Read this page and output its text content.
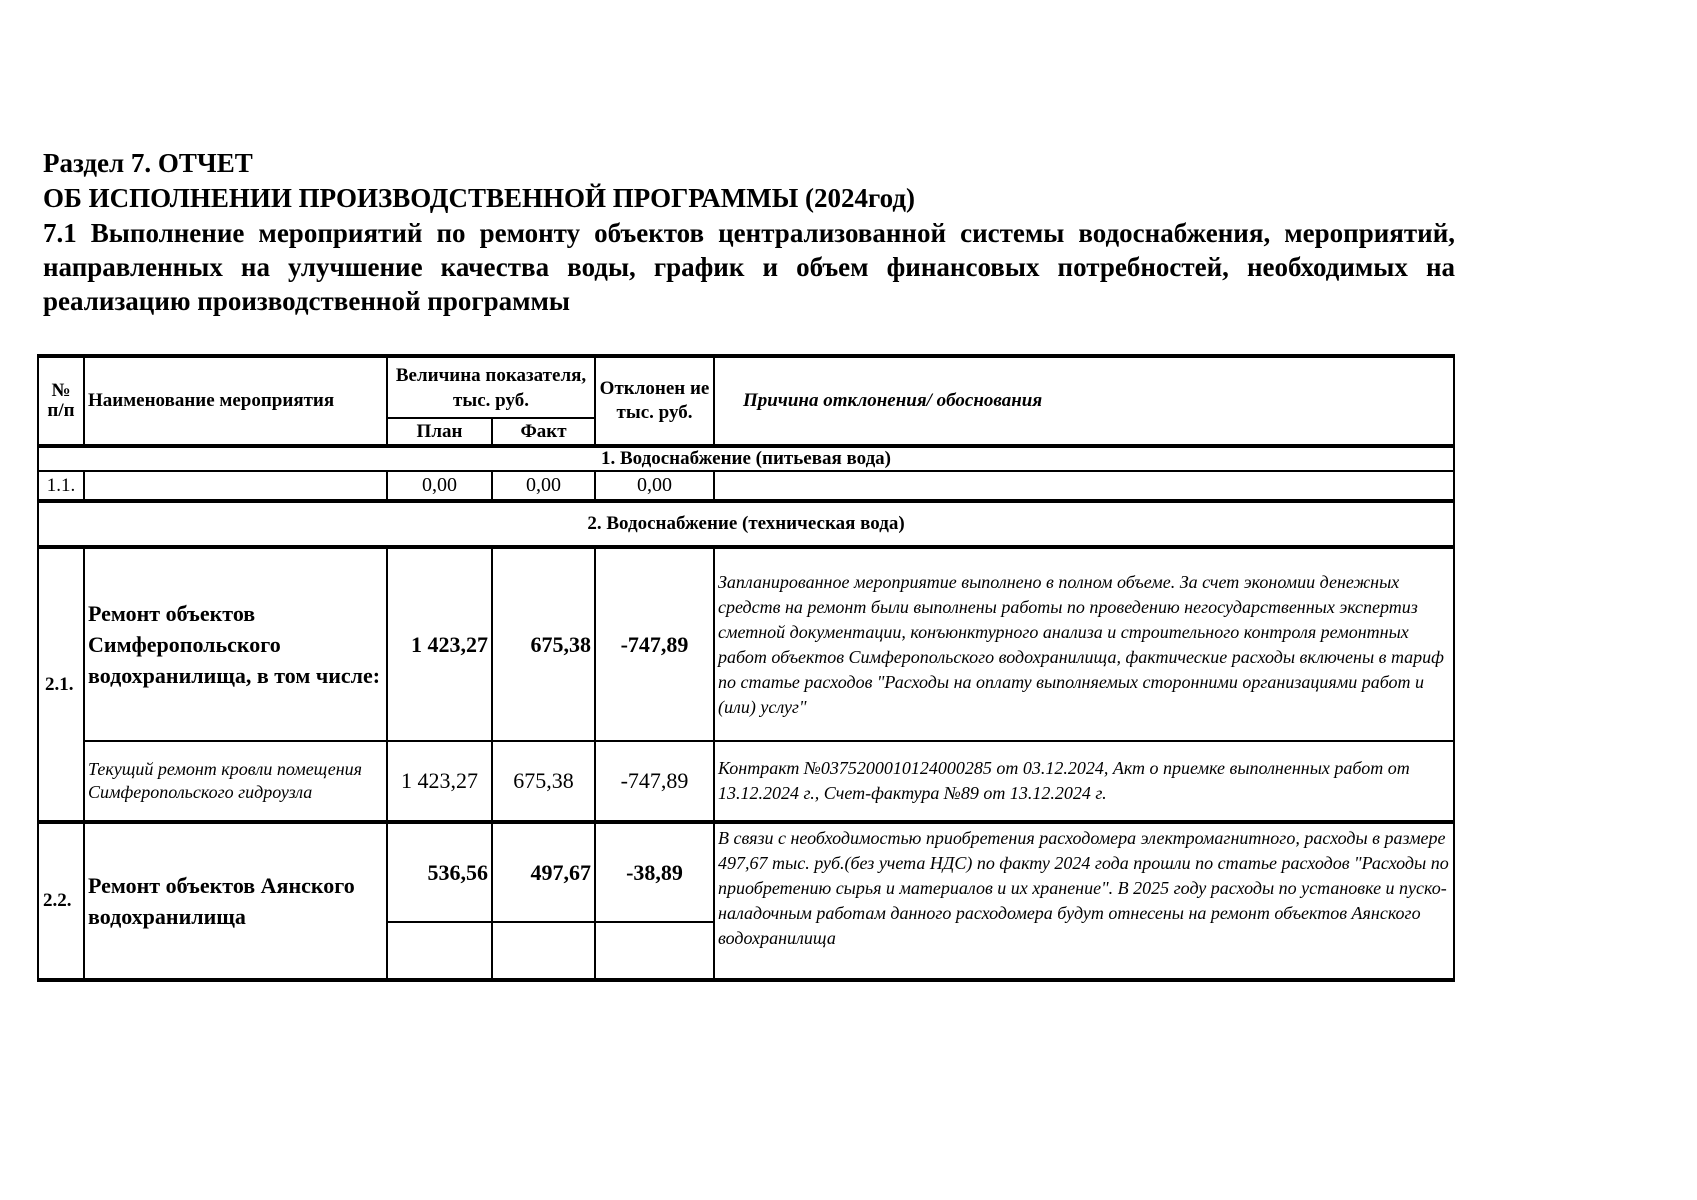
Раздел 7. ОТЧЕТ
ОБ ИСПОЛНЕНИИ ПРОИЗВОДСТВЕННОЙ ПРОГРАММЫ (2024год)
7.1 Выполнение мероприятий по ремонту объектов централизованной системы водоснабжения, мероприятий, направленных на улучшение качества воды, график и объем финансовых потребностей, необходимых на реализацию производственной программы
№ п/п	Наименование мероприятия	Величина показателя, тыс. руб.		Отклонен ие тыс. руб.	Причина отклонения/ обоснования
		План	Факт		
1. Водоснабжение (питьевая вода)					
1.1.		0,00	0,00	0,00	
2. Водоснабжение (техническая вода)					
2.1.	Ремонт объектов Симферопольского водохранилища, в том числе:	1 423,27	675,38	-747,89	Запланированное мероприятие выполнено в полном объеме. За счет экономии денежных средств на ремонт были выполнены работы по проведению негосударственных экспертиз сметной документации, конъюнктурного анализа и строительного контроля ремонтных работ объектов Симферопольского водохранилища, фактические расходы включены в тариф по статье расходов "Расходы на оплату выполняемых сторонними организациями работ и (или) услуг"
	Текущий ремонт кровли помещения Симферопольского гидроузла	1 423,27	675,38	-747,89	Контракт №0375200010124000285 от 03.12.2024, Акт о приемке выполненных работ от 13.12.2024 г., Счет-фактура №89 от 13.12.2024 г.
2.2.	Ремонт объектов Аянского водохранилища	536,56	497,67	-38,89	В связи с необходимостью приобретения расходомера электромагнитного, расходы в размере 497,67 тыс. руб.(без учета НДС) по факту 2024 года прошли по статье расходов "Расходы по приобретению сырья и материалов и их хранение". В 2025 году расходы по установке и пуско-наладочным работам данного расходомера будут отнесены на ремонт объектов Аянского водохранилища
